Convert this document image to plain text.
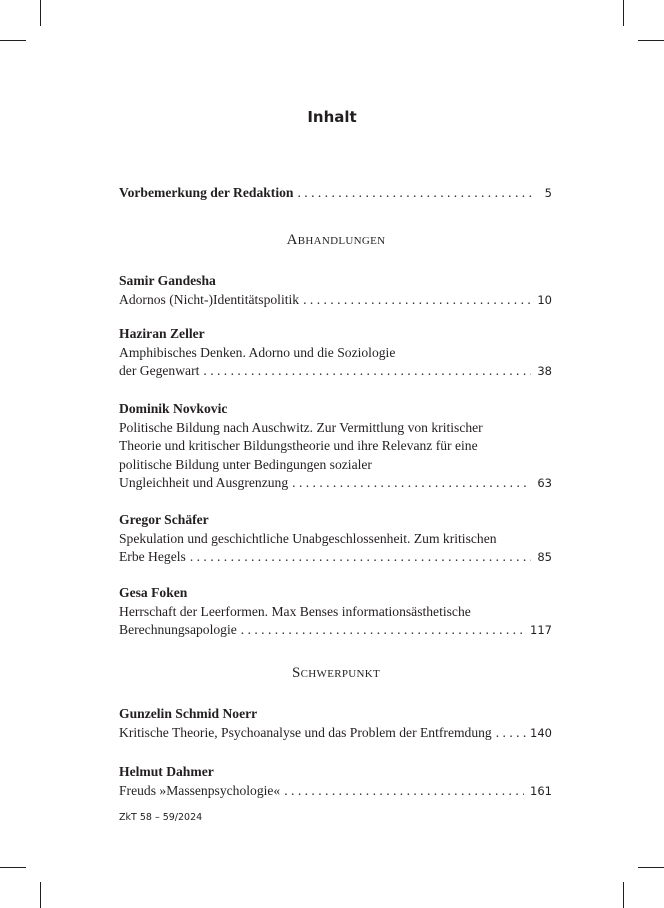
Inhalt
Vorbemerkung der Redaktion . . .	5
Abhandlungen
Samir Gandesha
Adornos (Nicht-)Identitätspolitik . . .	10
Haziran Zeller
Amphibisches Denken. Adorno und die Soziologie
der Gegenwart . . .	38
Dominik Novkovic
Politische Bildung nach Auschwitz. Zur Vermittlung von kritischer
Theorie und kritischer Bildungstheorie und ihre Relevanz für eine
politische Bildung unter Bedingungen sozialer
Ungleichheit und Ausgrenzung . . .	63
Gregor Schäfer
Spekulation und geschichtliche Unabgeschlossenheit. Zum kritischen
Erbe Hegels . . .	85
Gesa Foken
Herrschaft der Leerformen. Max Benses informationsästhetische
Berechnungsapologie . . .	117
Schwerpunkt
Gunzelin Schmid Noerr
Kritische Theorie, Psychoanalyse und das Problem der Entfremdung . . .	140
Helmut Dahmer
Freuds »Massenpsychologie« . . .	161
ZkT 58 – 59/2024
